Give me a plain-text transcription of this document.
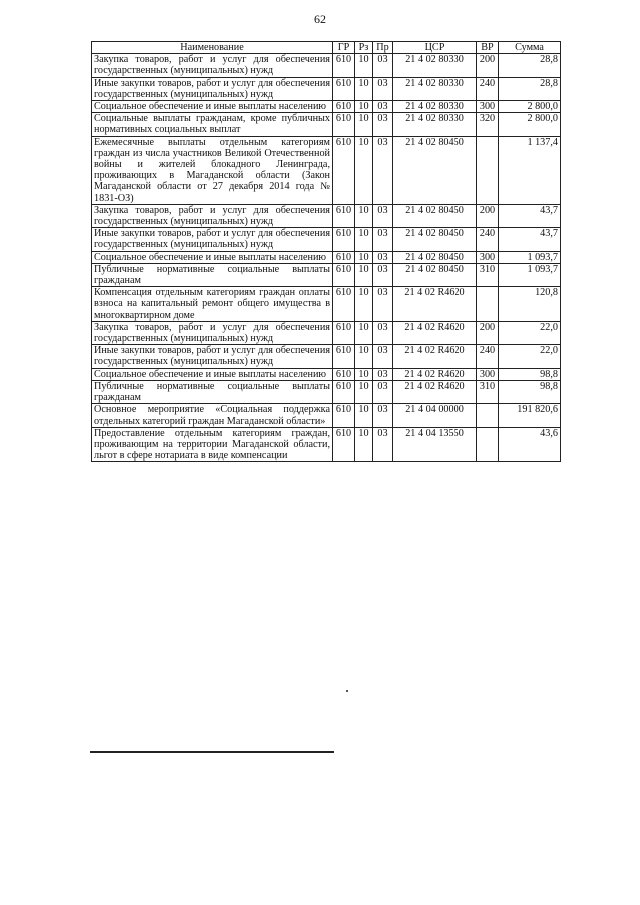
62
Наименование	ГР	Рз	Пр	ЦСР	ВР	Сумма
Закупка товаров, работ и услуг для обеспечения государственных (муниципальных) нужд	610	10	03	21 4 02 80330	200	28,8
Иные закупки товаров, работ и услуг для обеспечения государственных (муниципальных) нужд	610	10	03	21 4 02 80330	240	28,8
Социальное обеспечение и иные выплаты населению	610	10	03	21 4 02 80330	300	2 800,0
Социальные выплаты гражданам, кроме публичных нормативных социальных выплат	610	10	03	21 4 02 80330	320	2 800,0
Ежемесячные выплаты отдельным категориям граждан из числа участников Великой Отечественной войны и жителей блокадного Ленинграда, проживающих в Магаданской области (Закон Магаданской области от 27 декабря 2014 года № 1831-ОЗ)	610	10	03	21 4 02 80450		1 137,4
Закупка товаров, работ и услуг для обеспечения государственных (муниципальных) нужд	610	10	03	21 4 02 80450	200	43,7
Иные закупки товаров, работ и услуг для обеспечения государственных (муниципальных) нужд	610	10	03	21 4 02 80450	240	43,7
Социальное обеспечение и иные выплаты населению	610	10	03	21 4 02 80450	300	1 093,7
Публичные нормативные социальные выплаты гражданам	610	10	03	21 4 02 80450	310	1 093,7
Компенсация отдельным категориям граждан оплаты взноса на капитальный ремонт общего имущества в многоквартирном доме	610	10	03	21 4 02 R4620		120,8
Закупка товаров, работ и услуг для обеспечения государственных (муниципальных) нужд	610	10	03	21 4 02 R4620	200	22,0
Иные закупки товаров, работ и услуг для обеспечения государственных (муниципальных) нужд	610	10	03	21 4 02 R4620	240	22,0
Социальное обеспечение и иные выплаты населению	610	10	03	21 4 02 R4620	300	98,8
Публичные нормативные социальные выплаты гражданам	610	10	03	21 4 02 R4620	310	98,8
Основное мероприятие «Социальная поддержка отдельных категорий граждан Магаданской области»	610	10	03	21 4 04 00000		191 820,6
Предоставление отдельным категориям граждан, проживающим на территории Магаданской области, льгот в сфере нотариата в виде компенсации	610	10	03	21 4 04 13550		43,6
